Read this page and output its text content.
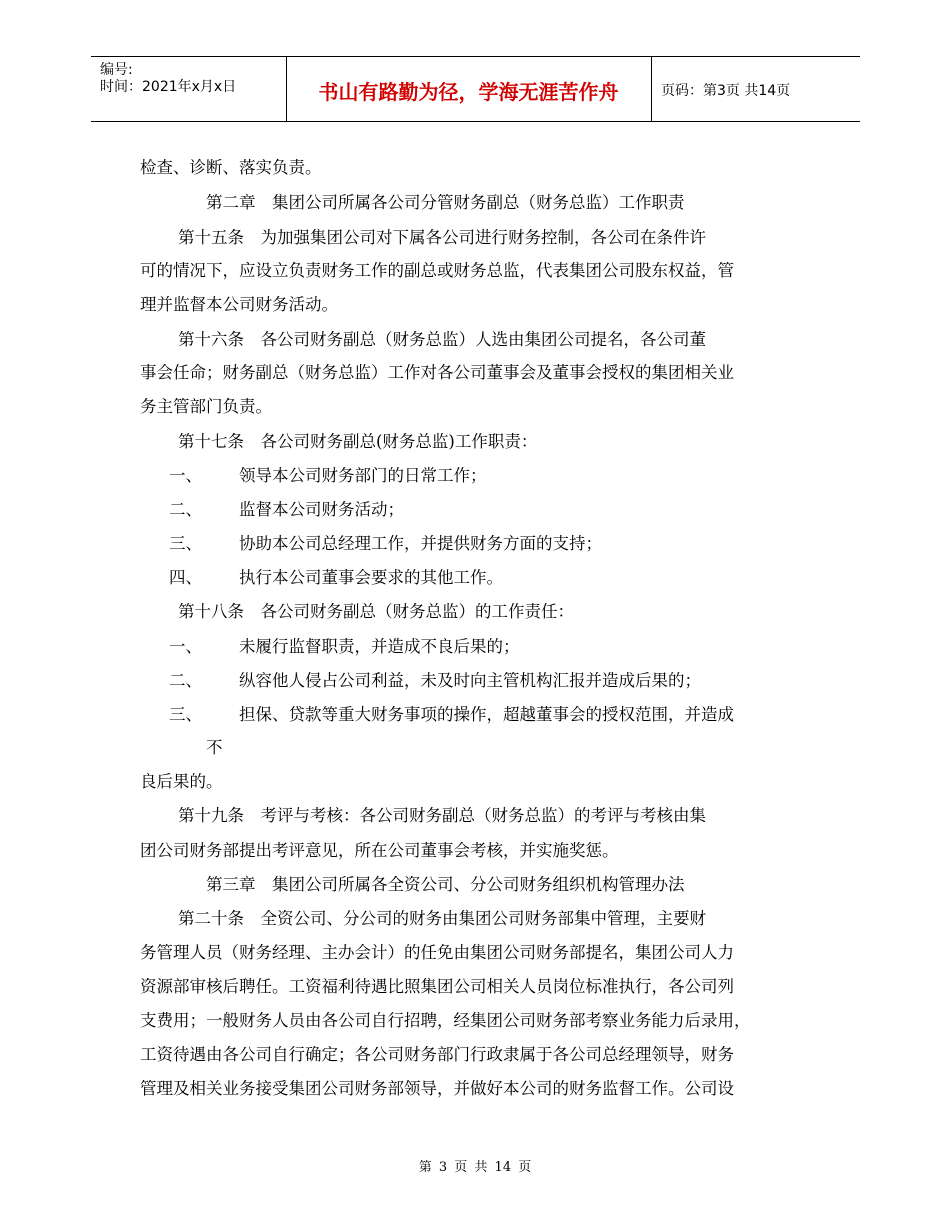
编号:
时间：2021年x月x日	书山有路勤为径，学海无涯苦作舟	页码：第3页 共14页
检查、诊断、落实负责。
第二章　集团公司所属各公司分管财务副总（财务总监）工作职责
第十五条　为加强集团公司对下属各公司进行财务控制，各公司在条件许
可的情况下，应设立负责财务工作的副总或财务总监，代表集团公司股东权益，管
理并监督本公司财务活动。
第十六条　各公司财务副总（财务总监）人选由集团公司提名，各公司董
事会任命；财务副总（财务总监）工作对各公司董事会及董事会授权的集团相关业
务主管部门负责。
第十七条　各公司财务副总(财务总监)工作职责：
一、 领导本公司财务部门的日常工作；
二、 监督本公司财务活动；
三、 协助本公司总经理工作，并提供财务方面的支持；
四、 执行本公司董事会要求的其他工作。
第十八条　各公司财务副总（财务总监）的工作责任：
一、 未履行监督职责，并造成不良后果的；
二、 纵容他人侵占公司利益，未及时向主管机构汇报并造成后果的；
三、 担保、贷款等重大财务事项的操作，超越董事会的授权范围，并造成
不
良后果的。
第十九条　考评与考核：各公司财务副总（财务总监）的考评与考核由集
团公司财务部提出考评意见，所在公司董事会考核，并实施奖惩。
第三章　集团公司所属各全资公司、分公司财务组织机构管理办法
第二十条　全资公司、分公司的财务由集团公司财务部集中管理，主要财
务管理人员（财务经理、主办会计）的任免由集团公司财务部提名，集团公司人力
资源部审核后聘任。工资福利待遇比照集团公司相关人员岗位标准执行，各公司列
支费用；一般财务人员由各公司自行招聘，经集团公司财务部考察业务能力后录用，
工资待遇由各公司自行确定；各公司财务部门行政隶属于各公司总经理领导，财务
管理及相关业务接受集团公司财务部领导，并做好本公司的财务监督工作。公司设
第 3 页 共 14 页
